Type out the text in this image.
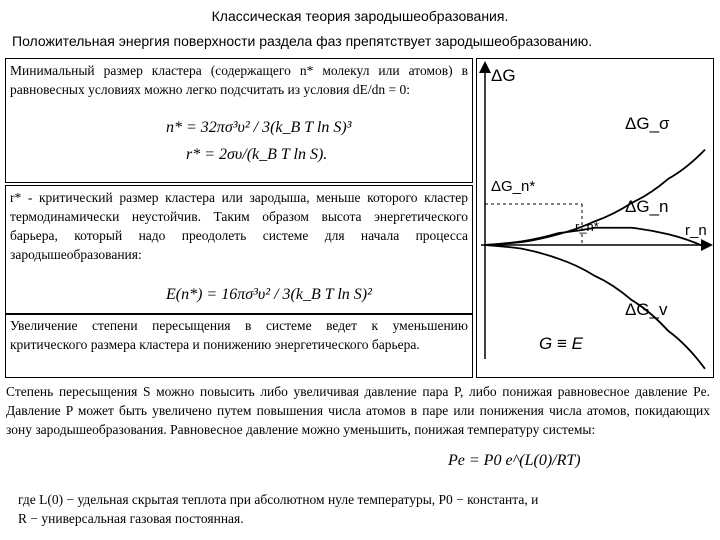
Классическая теория зародышеобразования.
Положительная энергия поверхности раздела фаз препятствует зародышеобразованию.
Минимальный размер кластера (содержащего n* молекул или атомов) в равновесных условиях можно легко подсчитать из условия dE/dn = 0:
n* = 32πσ³υ² / 3(k_B T ln S)³
r* = 2συ/(k_B T ln S).
r* - критический размер кластера или зародыша, меньше которого кластер термодинамически неустойчив. Таким образом высота энергетического барьера, который надо преодолеть системе для начала процесса зародышеобразования:
E(n*) = 16πσ³υ² / 3(k_B T ln S)²
Увеличение степени пересыщения в системе ведет к уменьшению критического размера кластера и понижению энергетического барьера.
ΔG
ΔG_σ
ΔG_n*
ΔG_n
r_n*	r_n
ΔG_v
G ≡ E
Степень пересыщения S можно повысить либо увеличивая давление пара P, либо понижая равновесное давление Pe. Давление P может быть увеличено путем повышения числа атомов в паре или понижения числа атомов, покидающих зону зародышеобразования. Равновесное давление можно уменьшить, понижая температуру системы:
Pe = P0 e^(L(0)/RT)
где L(0) − удельная скрытая теплота при абсолютном нуле температуры, P0 − константа, и
R − универсальная газовая постоянная.
